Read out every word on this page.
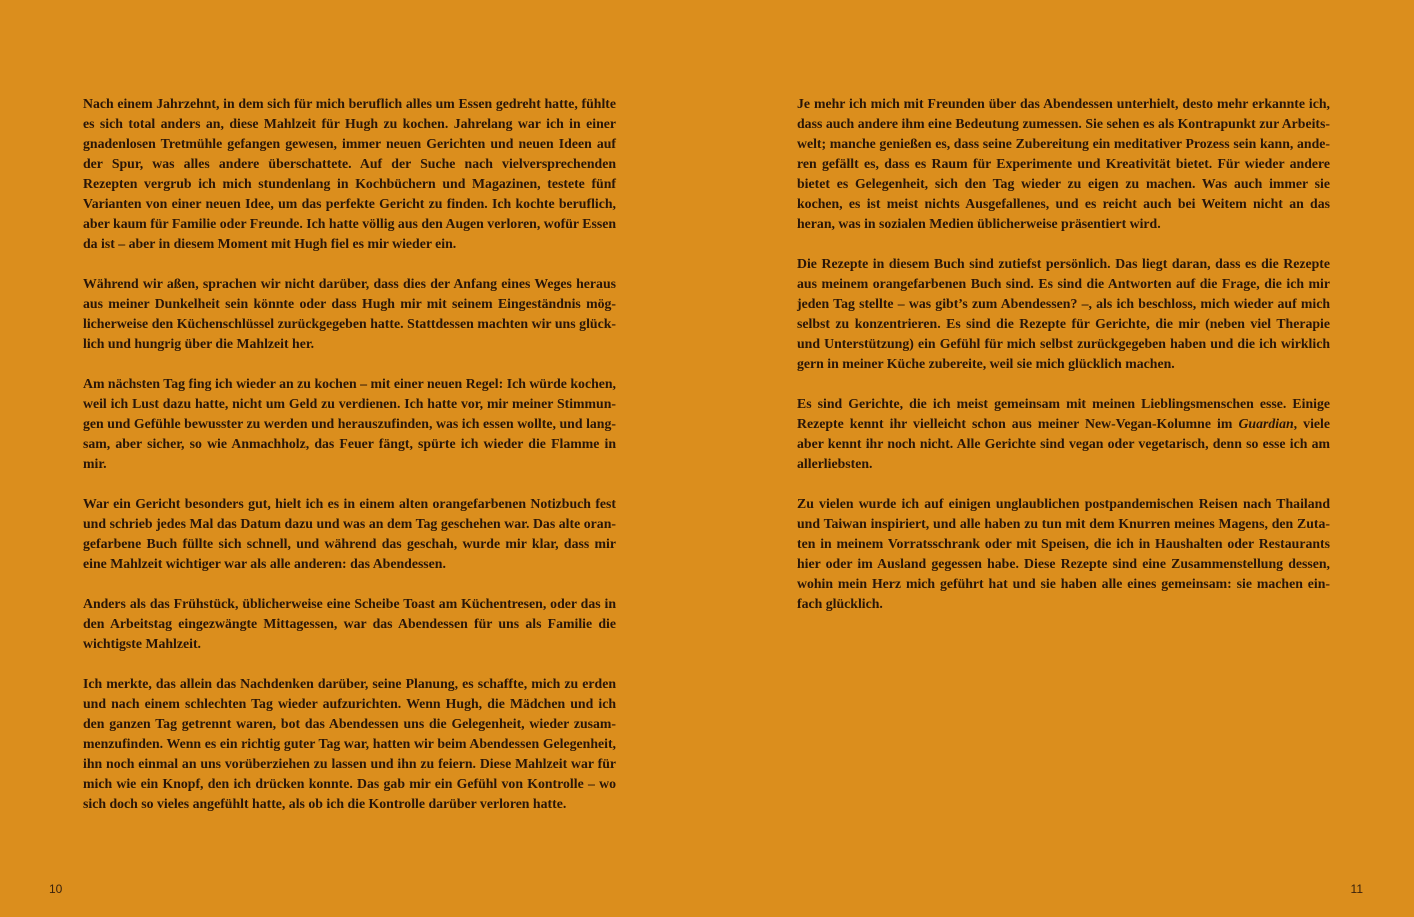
Nach einem Jahrzehnt, in dem sich für mich beruflich alles um Essen gedreht hatte, fühlte es sich total anders an, diese Mahlzeit für Hugh zu kochen. Jahrelang war ich in einer gnadenlosen Tretmühle gefangen gewesen, immer neuen Gerichten und neuen Ideen auf der Spur, was alles andere überschattete. Auf der Suche nach vielversprechenden Rezepten vergrub ich mich stundenlang in Kochbüchern und Magazinen, testete fünf Varianten von einer neuen Idee, um das perfekte Gericht zu finden. Ich kochte beruflich, aber kaum für Familie oder Freunde. Ich hatte völlig aus den Augen verloren, wofür Essen da ist – aber in diesem Moment mit Hugh fiel es mir wieder ein.

Während wir aßen, sprachen wir nicht darüber, dass dies der Anfang eines Weges heraus aus meiner Dunkelheit sein könnte oder dass Hugh mir mit seinem Eingeständnis möglicherweise den Küchenschlüssel zurückgegeben hatte. Stattdessen machten wir uns glücklich und hungrig über die Mahlzeit her.

Am nächsten Tag fing ich wieder an zu kochen – mit einer neuen Regel: Ich würde kochen, weil ich Lust dazu hatte, nicht um Geld zu verdienen. Ich hatte vor, mir meiner Stimmungen und Gefühle bewusster zu werden und herauszufinden, was ich essen wollte, und langsam, aber sicher, so wie Anmachholz, das Feuer fängt, spürte ich wieder die Flamme in mir.

War ein Gericht besonders gut, hielt ich es in einem alten orangefarbenen Notizbuch fest und schrieb jedes Mal das Datum dazu und was an dem Tag geschehen war. Das alte orangefarbene Buch füllte sich schnell, und während das geschah, wurde mir klar, dass mir eine Mahlzeit wichtiger war als alle anderen: das Abendessen.

Anders als das Frühstück, üblicherweise eine Scheibe Toast am Küchentresen, oder das in den Arbeitstag eingezwängte Mittagessen, war das Abendessen für uns als Familie die wichtigste Mahlzeit.

Ich merkte, das allein das Nachdenken darüber, seine Planung, es schaffte, mich zu erden und nach einem schlechten Tag wieder aufzurichten. Wenn Hugh, die Mädchen und ich den ganzen Tag getrennt waren, bot das Abendessen uns die Gelegenheit, wieder zusammenzufinden. Wenn es ein richtig guter Tag war, hatten wir beim Abendessen Gelegenheit, ihn noch einmal an uns vorüberziehen zu lassen und ihn zu feiern. Diese Mahlzeit war für mich wie ein Knopf, den ich drücken konnte. Das gab mir ein Gefühl von Kontrolle – wo sich doch so vieles angefühlt hatte, als ob ich die Kontrolle darüber verloren hatte.

10

Je mehr ich mich mit Freunden über das Abendessen unterhielt, desto mehr erkannte ich, dass auch andere ihm eine Bedeutung zumessen. Sie sehen es als Kontrapunkt zur Arbeitswelt; manche genießen es, dass seine Zubereitung ein meditativer Prozess sein kann, anderen gefällt es, dass es Raum für Experimente und Kreativität bietet. Für wieder andere bietet es Gelegenheit, sich den Tag wieder zu eigen zu machen. Was auch immer sie kochen, es ist meist nichts Ausgefallenes, und es reicht auch bei Weitem nicht an das heran, was in sozialen Medien üblicherweise präsentiert wird.

Die Rezepte in diesem Buch sind zutiefst persönlich. Das liegt daran, dass es die Rezepte aus meinem orangefarbenen Buch sind. Es sind die Antworten auf die Frage, die ich mir jeden Tag stellte – was gibt’s zum Abendessen? –, als ich beschloss, mich wieder auf mich selbst zu konzentrieren. Es sind die Rezepte für Gerichte, die mir (neben viel Therapie und Unterstützung) ein Gefühl für mich selbst zurückgegeben haben und die ich wirklich gern in meiner Küche zubereite, weil sie mich glücklich machen.

Es sind Gerichte, die ich meist gemeinsam mit meinen Lieblingsmenschen esse. Einige Rezepte kennt ihr vielleicht schon aus meiner New-Vegan-Kolumne im Guardian, viele aber kennt ihr noch nicht. Alle Gerichte sind vegan oder vegetarisch, denn so esse ich am allerliebsten.

Zu vielen wurde ich auf einigen unglaublichen postpandemischen Reisen nach Thailand und Taiwan inspiriert, und alle haben zu tun mit dem Knurren meines Magens, den Zutaten in meinem Vorratsschrank oder mit Speisen, die ich in Haushalten oder Restaurants hier oder im Ausland gegessen habe. Diese Rezepte sind eine Zusammenstellung dessen, wohin mein Herz mich geführt hat und sie haben alle eines gemeinsam: sie machen einfach glücklich.

11
